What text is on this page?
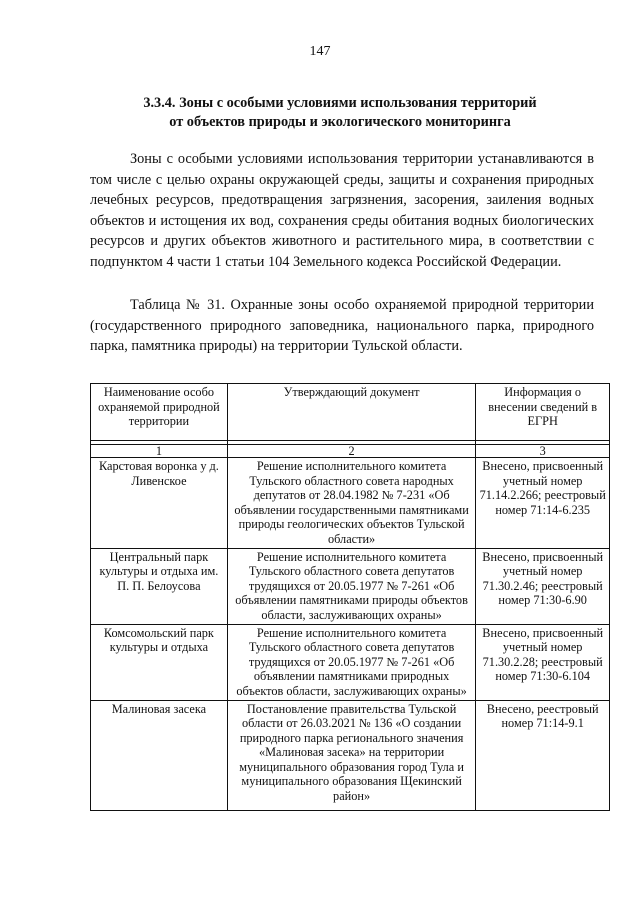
147
3.3.4. Зоны с особыми условиями использования территорий
от объектов природы и экологического мониторинга
Зоны с особыми условиями использования территории устанавливаются в том числе с целью охраны окружающей среды, защиты и сохранения природных лечебных ресурсов, предотвращения загрязнения, засорения, заиления водных объектов и истощения их вод, сохранения среды обитания водных биологических ресурсов и других объектов животного и растительного мира, в соответствии с подпунктом 4 части 1 статьи 104 Земельного кодекса Российской Федерации.
Таблица № 31. Охранные зоны особо охраняемой природной территории (государственного природного заповедника, национального парка, природного парка, памятника природы) на территории Тульской области.
Наименование особо охраняемой природной территории	Утверждающий документ	Информация о внесении сведений в ЕГРН

1	2	3
Карстовая воронка у д. Ливенское	Решение исполнительного комитета Тульского областного совета народных депутатов от 28.04.1982 № 7-231 «Об объявлении государственными памятниками природы геологических объектов Тульской области»	Внесено, присвоенный учетный номер 71.14.2.266; реестровый номер 71:14-6.235
Центральный парк культуры и отдыха им. П. П. Белоусова	Решение исполнительного комитета Тульского областного совета депутатов трудящихся от 20.05.1977 № 7-261 «Об объявлении памятниками природы объектов области, заслуживающих охраны»	Внесено, присвоенный учетный номер 71.30.2.46; реестровый номер 71:30-6.90
Комсомольский парк культуры и отдыха	Решение исполнительного комитета Тульского областного совета депутатов трудящихся от 20.05.1977 № 7-261 «Об объявлении памятниками природных объектов области, заслуживающих охраны»	Внесено, присвоенный учетный номер 71.30.2.28; реестровый номер 71:30-6.104
Малиновая засека	Постановление правительства Тульской области от 26.03.2021 № 136 «О создании природного парка регионального значения «Малиновая засека» на территории муниципального образования город Тула и муниципального образования Щекинский район»	Внесено, реестровый номер 71:14-9.1
